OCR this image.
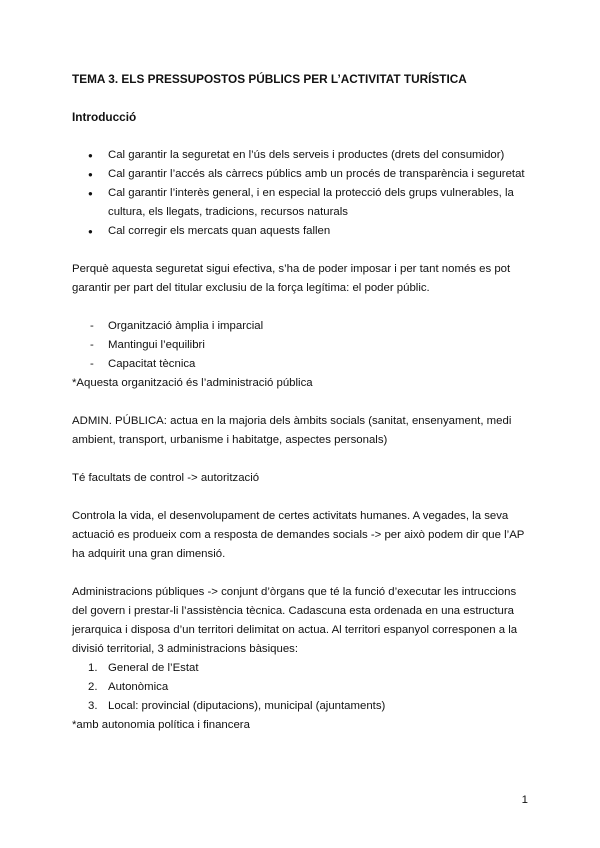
TEMA 3. ELS PRESSUPOSTOS PÚBLICS PER L’ACTIVITAT TURÍSTICA
Introducció
● Cal garantir la seguretat en l’ús dels serveis i productes (drets del consumidor)
● Cal garantir l’accés als càrrecs públics amb un procés de transparència i seguretat
● Cal garantir l’interès general, i en especial la protecció dels grups vulnerables, la cultura, els llegats, tradicions, recursos naturals
● Cal corregir els mercats quan aquests fallen

Perquè aquesta seguretat sigui efectiva, s’ha de poder imposar i per tant només es pot garantir per part del titular exclusiu de la força legítima: el poder públic.

- Organització àmplia i imparcial
- Mantingui l’equilibri
- Capacitat tècnica

*Aquesta organització és l’administració pública

ADMIN. PÚBLICA: actua en la majoria dels àmbits socials (sanitat, ensenyament, medi ambient, transport, urbanisme i habitatge, aspectes personals)

Té facultats de control -> autorització

Controla la vida, el desenvolupament de certes activitats humanes. A vegades, la seva actuació es produeix com a resposta de demandes socials -> per això podem dir que l’AP ha adquirit una gran dimensió.

Administracions públiques -> conjunt d’òrgans que té la funció d’executar les intruccions del govern i prestar-li l’assistència tècnica. Cadascuna esta ordenada en una estructura jerarquica i disposa d’un territori delimitat on actua. Al territori espanyol corresponen a la divisió territorial, 3 administracions bàsiques:

1. General de l’Estat
2. Autonòmica
3. Local: provincial (diputacions), municipal (ajuntaments)

*amb autonomia política i financera

1
